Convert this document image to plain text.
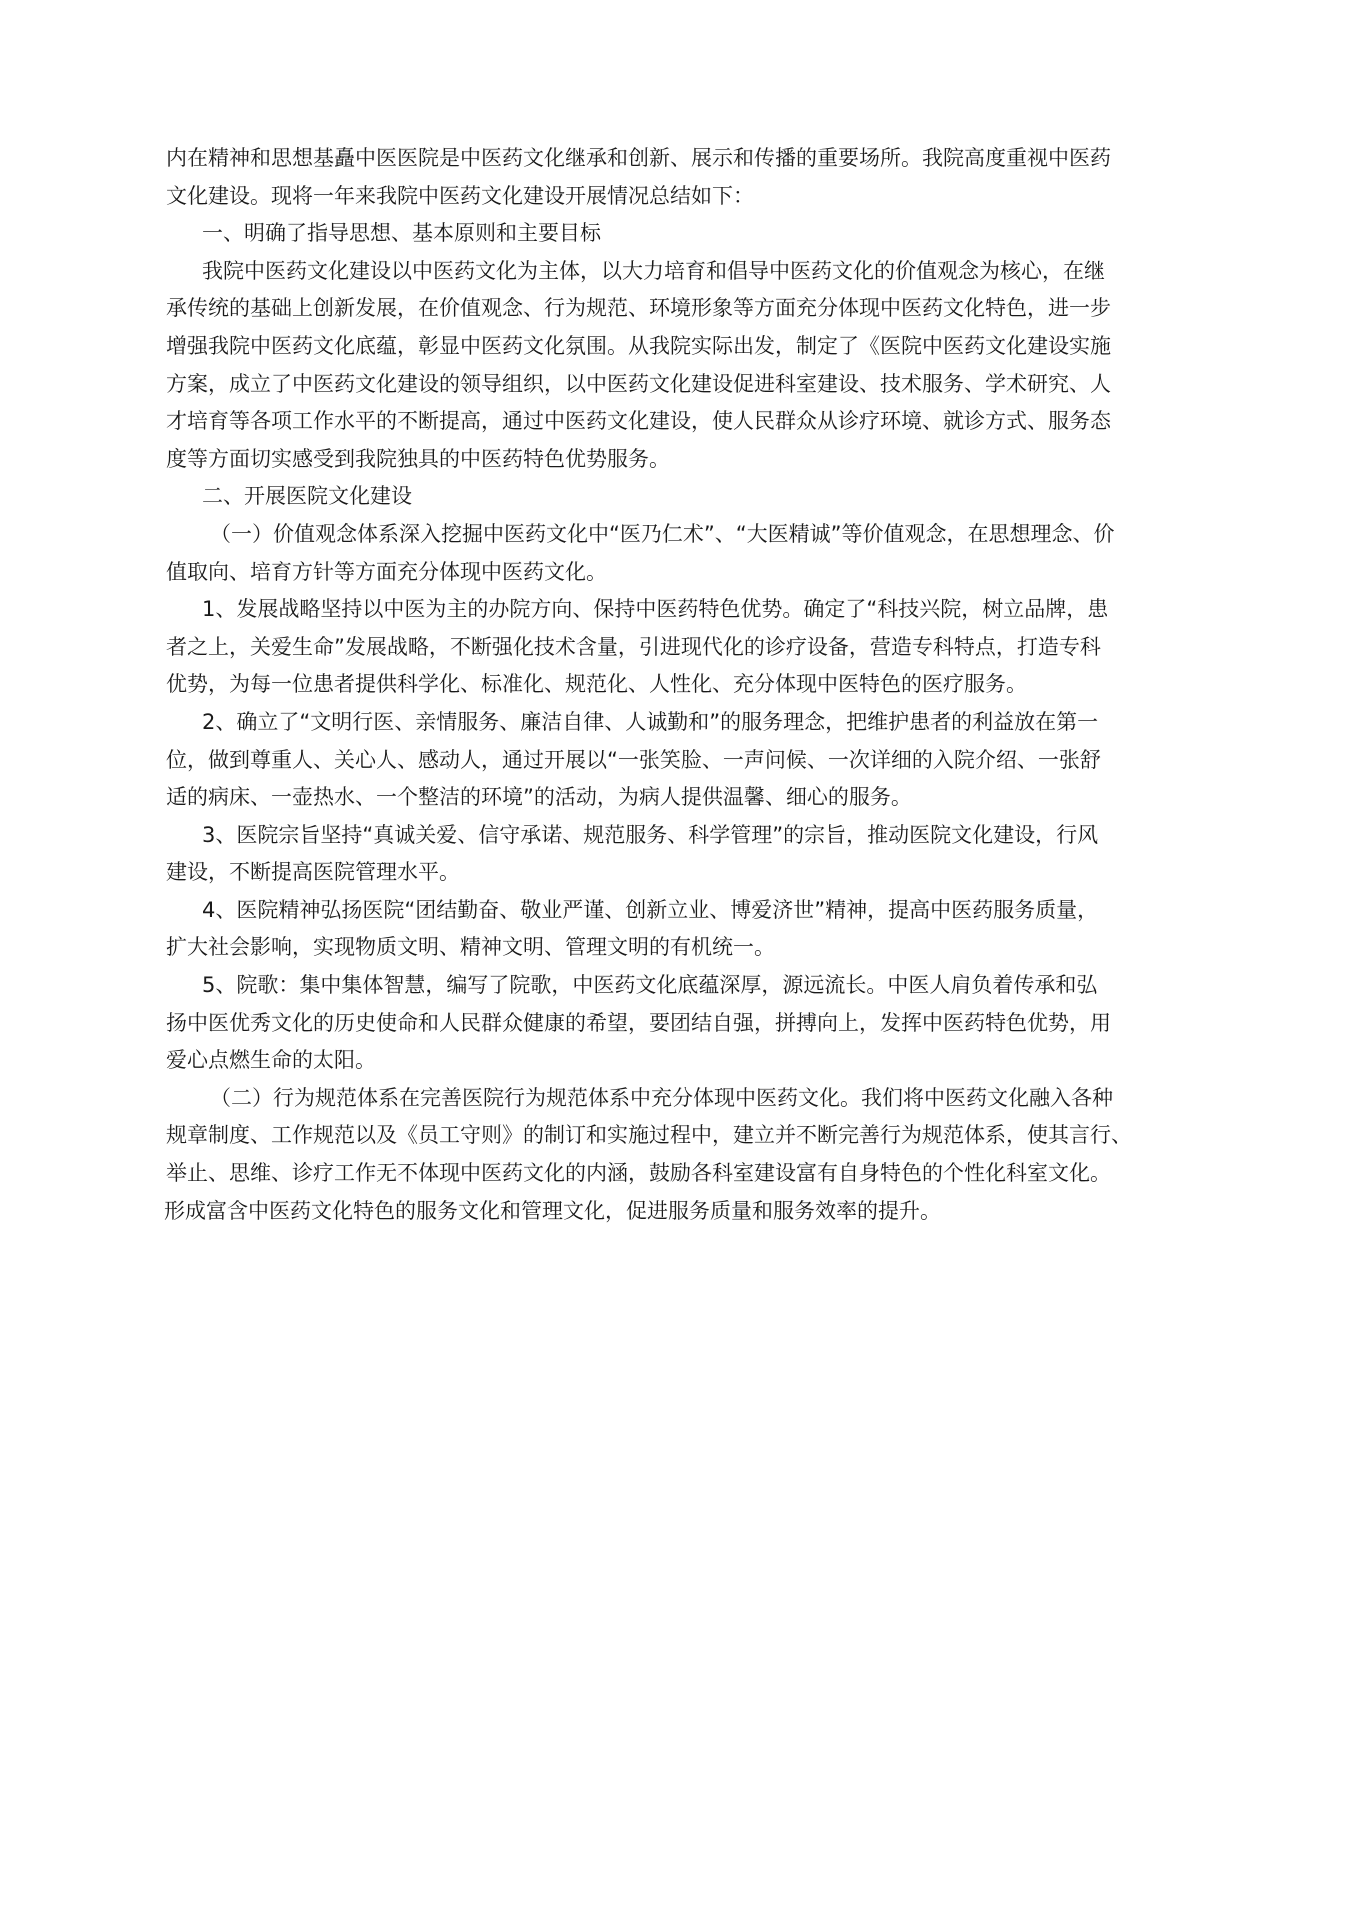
内在精神和思想基矗中医医院是中医药文化继承和创新、展示和传播的重要场所。我院高度重视中医药
文化建设。现将一年来我院中医药文化建设开展情况总结如下：
一、明确了指导思想、基本原则和主要目标
我院中医药文化建设以中医药文化为主体，以大力培育和倡导中医药文化的价值观念为核心，在继
承传统的基础上创新发展，在价值观念、行为规范、环境形象等方面充分体现中医药文化特色，进一步
增强我院中医药文化底蕴，彰显中医药文化氛围。从我院实际出发，制定了《医院中医药文化建设实施
方案，成立了中医药文化建设的领导组织，以中医药文化建设促进科室建设、技术服务、学术研究、人
才培育等各项工作水平的不断提高，通过中医药文化建设，使人民群众从诊疗环境、就诊方式、服务态
度等方面切实感受到我院独具的中医药特色优势服务。
二、开展医院文化建设
（一）价值观念体系深入挖掘中医药文化中“医乃仁术”、“大医精诚”等价值观念，在思想理念、价
值取向、培育方针等方面充分体现中医药文化。
1、发展战略坚持以中医为主的办院方向、保持中医药特色优势。确定了“科技兴院，树立品牌，患
者之上，关爱生命”发展战略，不断强化技术含量，引进现代化的诊疗设备，营造专科特点，打造专科
优势，为每一位患者提供科学化、标准化、规范化、人性化、充分体现中医特色的医疗服务。
2、确立了“文明行医、亲情服务、廉洁自律、人诚勤和”的服务理念，把维护患者的利益放在第一
位，做到尊重人、关心人、感动人，通过开展以“一张笑脸、一声问候、一次详细的入院介绍、一张舒
适的病床、一壶热水、一个整洁的环境”的活动，为病人提供温馨、细心的服务。
3、医院宗旨坚持“真诚关爱、信守承诺、规范服务、科学管理”的宗旨，推动医院文化建设，行风
建设，不断提高医院管理水平。
4、医院精神弘扬医院“团结勤奋、敬业严谨、创新立业、博爱济世”精神，提高中医药服务质量，
扩大社会影响，实现物质文明、精神文明、管理文明的有机统一。
5、院歌：集中集体智慧，编写了院歌，中医药文化底蕴深厚，源远流长。中医人肩负着传承和弘
扬中医优秀文化的历史使命和人民群众健康的希望，要团结自强，拼搏向上，发挥中医药特色优势，用
爱心点燃生命的太阳。
（二）行为规范体系在完善医院行为规范体系中充分体现中医药文化。我们将中医药文化融入各种
规章制度、工作规范以及《员工守则》的制订和实施过程中，建立并不断完善行为规范体系，使其言行、
举止、思维、诊疗工作无不体现中医药文化的内涵，鼓励各科室建设富有自身特色的个性化科室文化。
形成富含中医药文化特色的服务文化和管理文化，促进服务质量和服务效率的提升。
